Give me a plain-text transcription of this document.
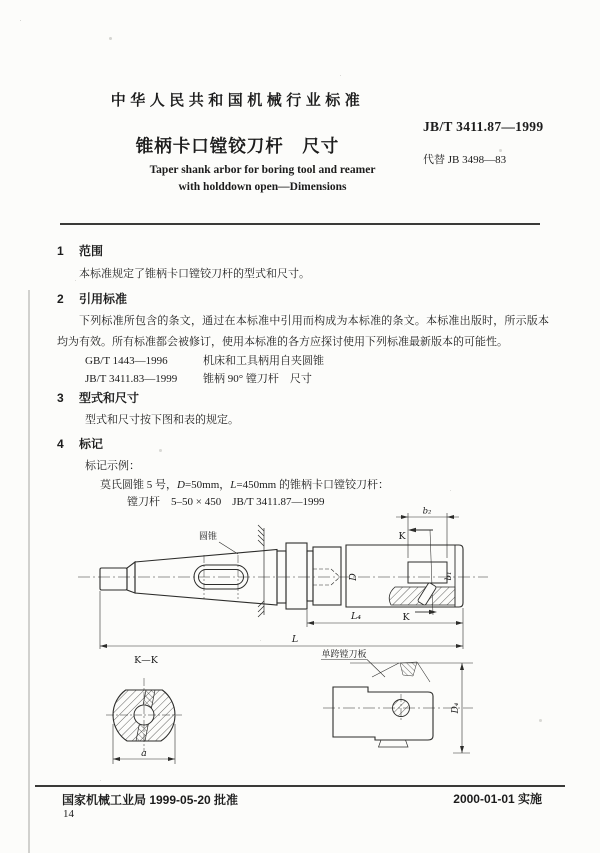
中华人民共和国机械行业标准
JB/T 3411.87—1999
锥柄卡口镗铰刀杆　尺寸
代替 JB 3498—83
Taper shank arbor for boring tool and reamer
with holddown open—Dimensions
1 范围
本标准规定了锥柄卡口镗铰刀杆的型式和尺寸。
2 引用标准
下列标准所包含的条文，通过在本标准中引用而构成为本标准的条文。本标准出版时，所示版本均为有效。所有标准都会被修订，使用本标准的各方应探讨使用下列标准最新版本的可能性。
GB/T 1443—1996	机床和工具柄用自夹圆锥
JB/T 3411.83—1999 锥柄 90° 镗刀杆　尺寸
3 型式和尺寸
型式和尺寸按下图和表的规定。
4 标记
标记示例：
莫氏圆锥 5 号，D=50mm，L=450mm 的锥柄卡口镗铰刀杆：
镗刀杆　5–50 × 450　JB/T 3411.87—1999
圆锥
D
K
K
b₁
b₂
L₄
L
K—K
a
单跨镗刀板
D₄
国家机械工业局 1999-05-20 批准	2000-01-01 实施
14
